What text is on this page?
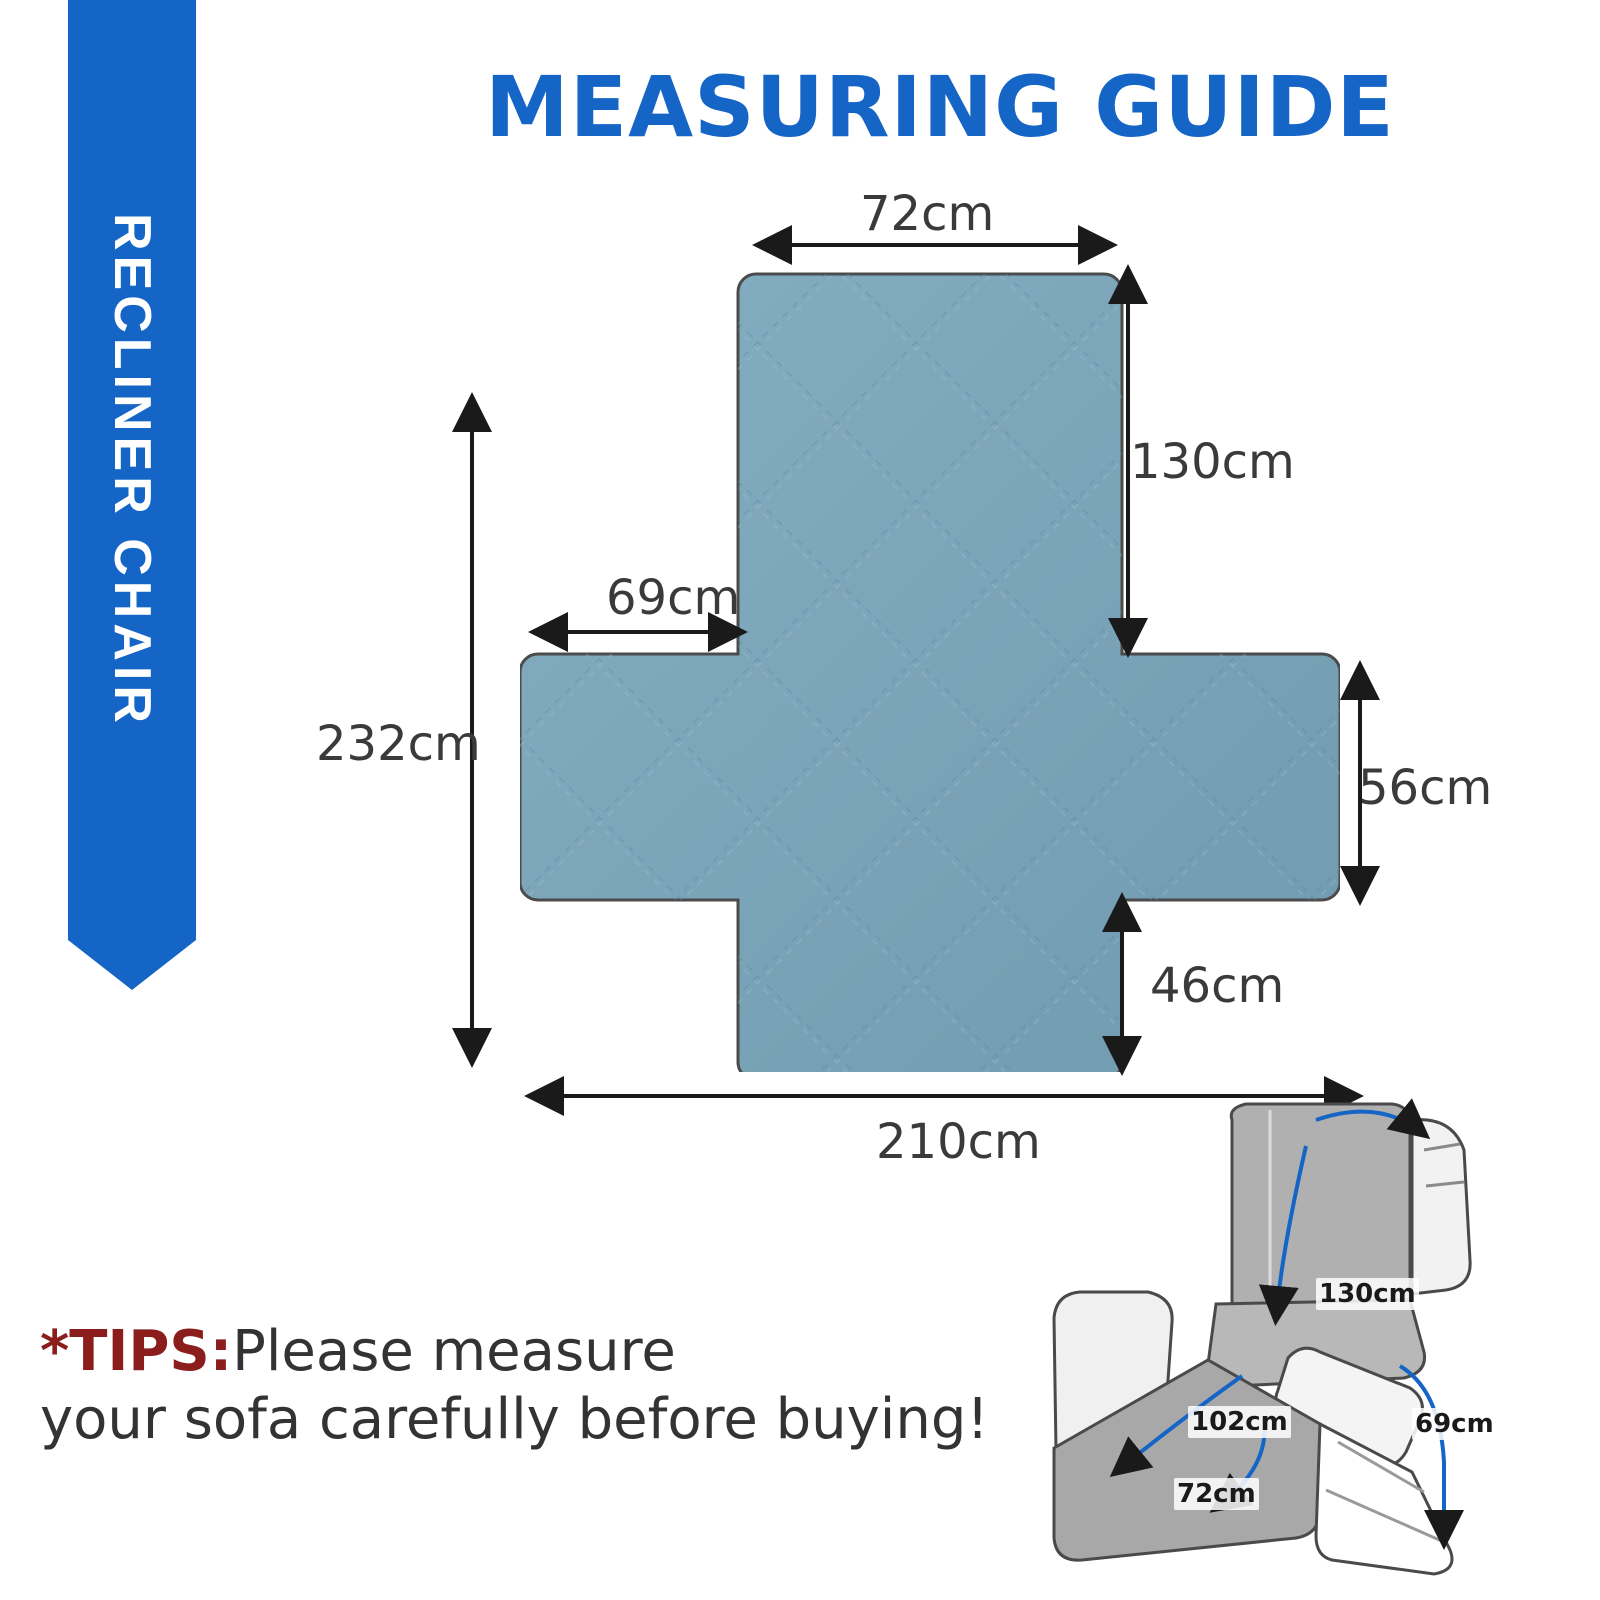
RECLINER CHAIR
MEASURING GUIDE
72cm
130cm
69cm
232cm
56cm
46cm
210cm
*TIPS:Please measure
your sofa carefully before buying!
130cm
102cm
72cm
69cm
